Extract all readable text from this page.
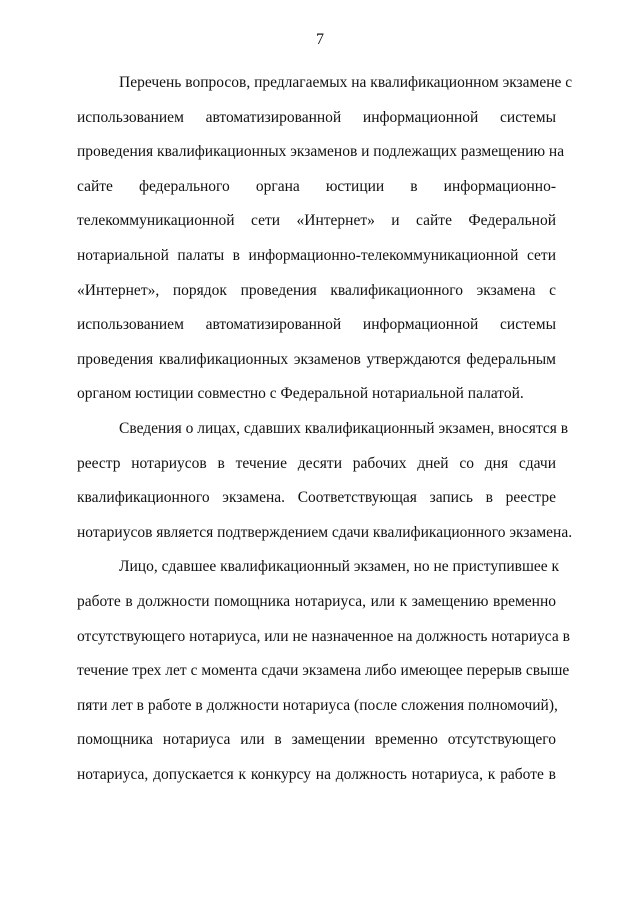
7
Перечень вопросов, предлагаемых на квалификационном экзамене с
использованием автоматизированной информационной системы
проведения квалификационных экзаменов и подлежащих размещению на
сайте федерального органа юстиции в информационно-
телекоммуникационной сети «Интернет» и сайте Федеральной
нотариальной палаты в информационно-телекоммуникационной сети
«Интернет», порядок проведения квалификационного экзамена с
использованием автоматизированной информационной системы
проведения квалификационных экзаменов утверждаются федеральным
органом юстиции совместно с Федеральной нотариальной палатой.
Сведения о лицах, сдавших квалификационный экзамен, вносятся в
реестр нотариусов в течение десяти рабочих дней со дня сдачи
квалификационного экзамена. Соответствующая запись в реестре
нотариусов является подтверждением сдачи квалификационного экзамена.
Лицо, сдавшее квалификационный экзамен, но не приступившее к
работе в должности помощника нотариуса, или к замещению временно
отсутствующего нотариуса, или не назначенное на должность нотариуса в
течение трех лет с момента сдачи экзамена либо имеющее перерыв свыше
пяти лет в работе в должности нотариуса (после сложения полномочий),
помощника нотариуса или в замещении временно отсутствующего
нотариуса, допускается к конкурсу на должность нотариуса, к работе в
